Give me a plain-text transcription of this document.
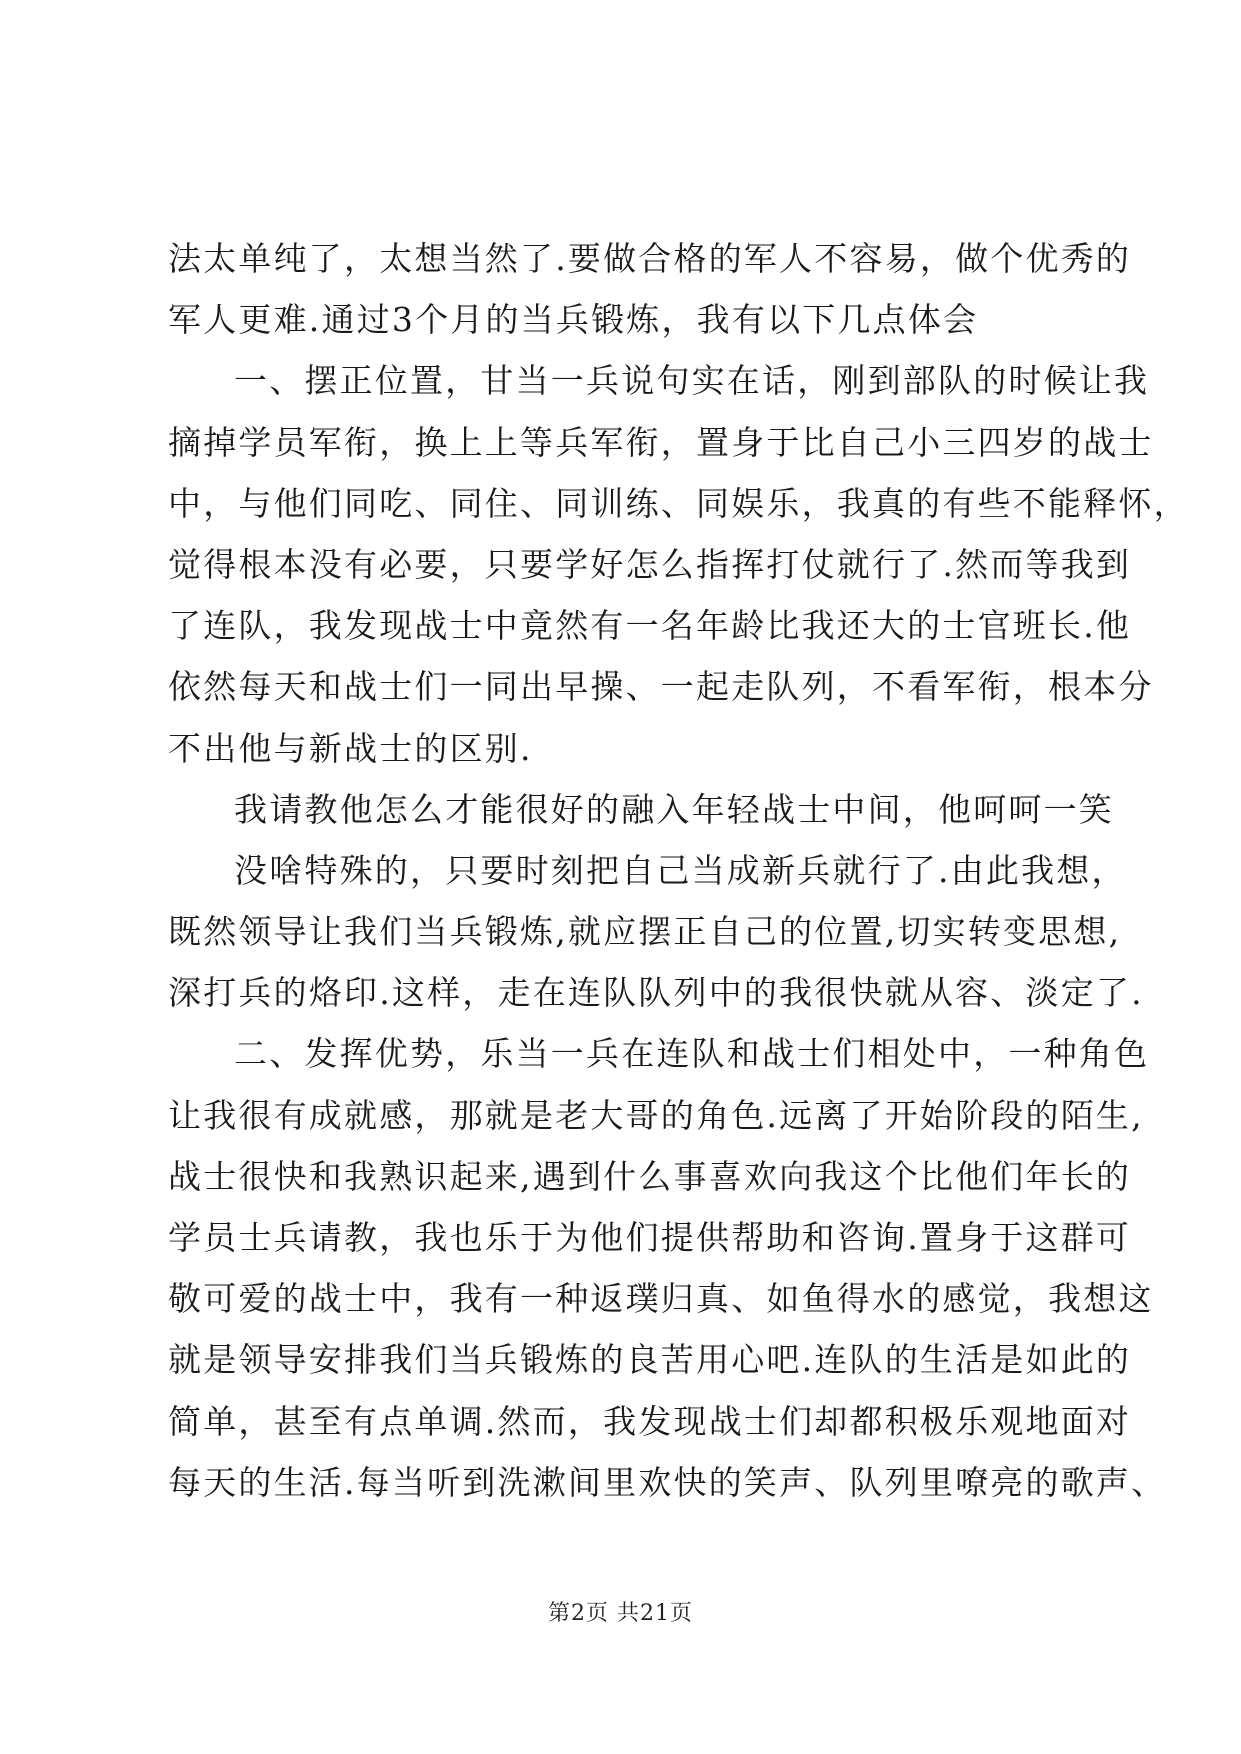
法太单纯了，太想当然了.要做合格的军人不容易，做个优秀的
军人更难.通过3个月的当兵锻炼，我有以下几点体会
一、摆正位置，甘当一兵说句实在话，刚到部队的时候让我
摘掉学员军衔，换上上等兵军衔，置身于比自己小三四岁的战士
中，与他们同吃、同住、同训练、同娱乐，我真的有些不能释怀，
觉得根本没有必要，只要学好怎么指挥打仗就行了.然而等我到
了连队，我发现战士中竟然有一名年龄比我还大的士官班长.他
依然每天和战士们一同出早操、一起走队列，不看军衔，根本分
不出他与新战士的区别.
我请教他怎么才能很好的融入年轻战士中间，他呵呵一笑
没啥特殊的，只要时刻把自己当成新兵就行了.由此我想，
既然领导让我们当兵锻炼,就应摆正自己的位置,切实转变思想,
深打兵的烙印.这样，走在连队队列中的我很快就从容、淡定了.
二、发挥优势，乐当一兵在连队和战士们相处中，一种角色
让我很有成就感，那就是老大哥的角色.远离了开始阶段的陌生,
战士很快和我熟识起来,遇到什么事喜欢向我这个比他们年长的
学员士兵请教，我也乐于为他们提供帮助和咨询.置身于这群可
敬可爱的战士中，我有一种返璞归真、如鱼得水的感觉，我想这
就是领导安排我们当兵锻炼的良苦用心吧.连队的生活是如此的
简单，甚至有点单调.然而，我发现战士们却都积极乐观地面对
每天的生活.每当听到洗漱间里欢快的笑声、队列里嘹亮的歌声、
第2页 共21页
